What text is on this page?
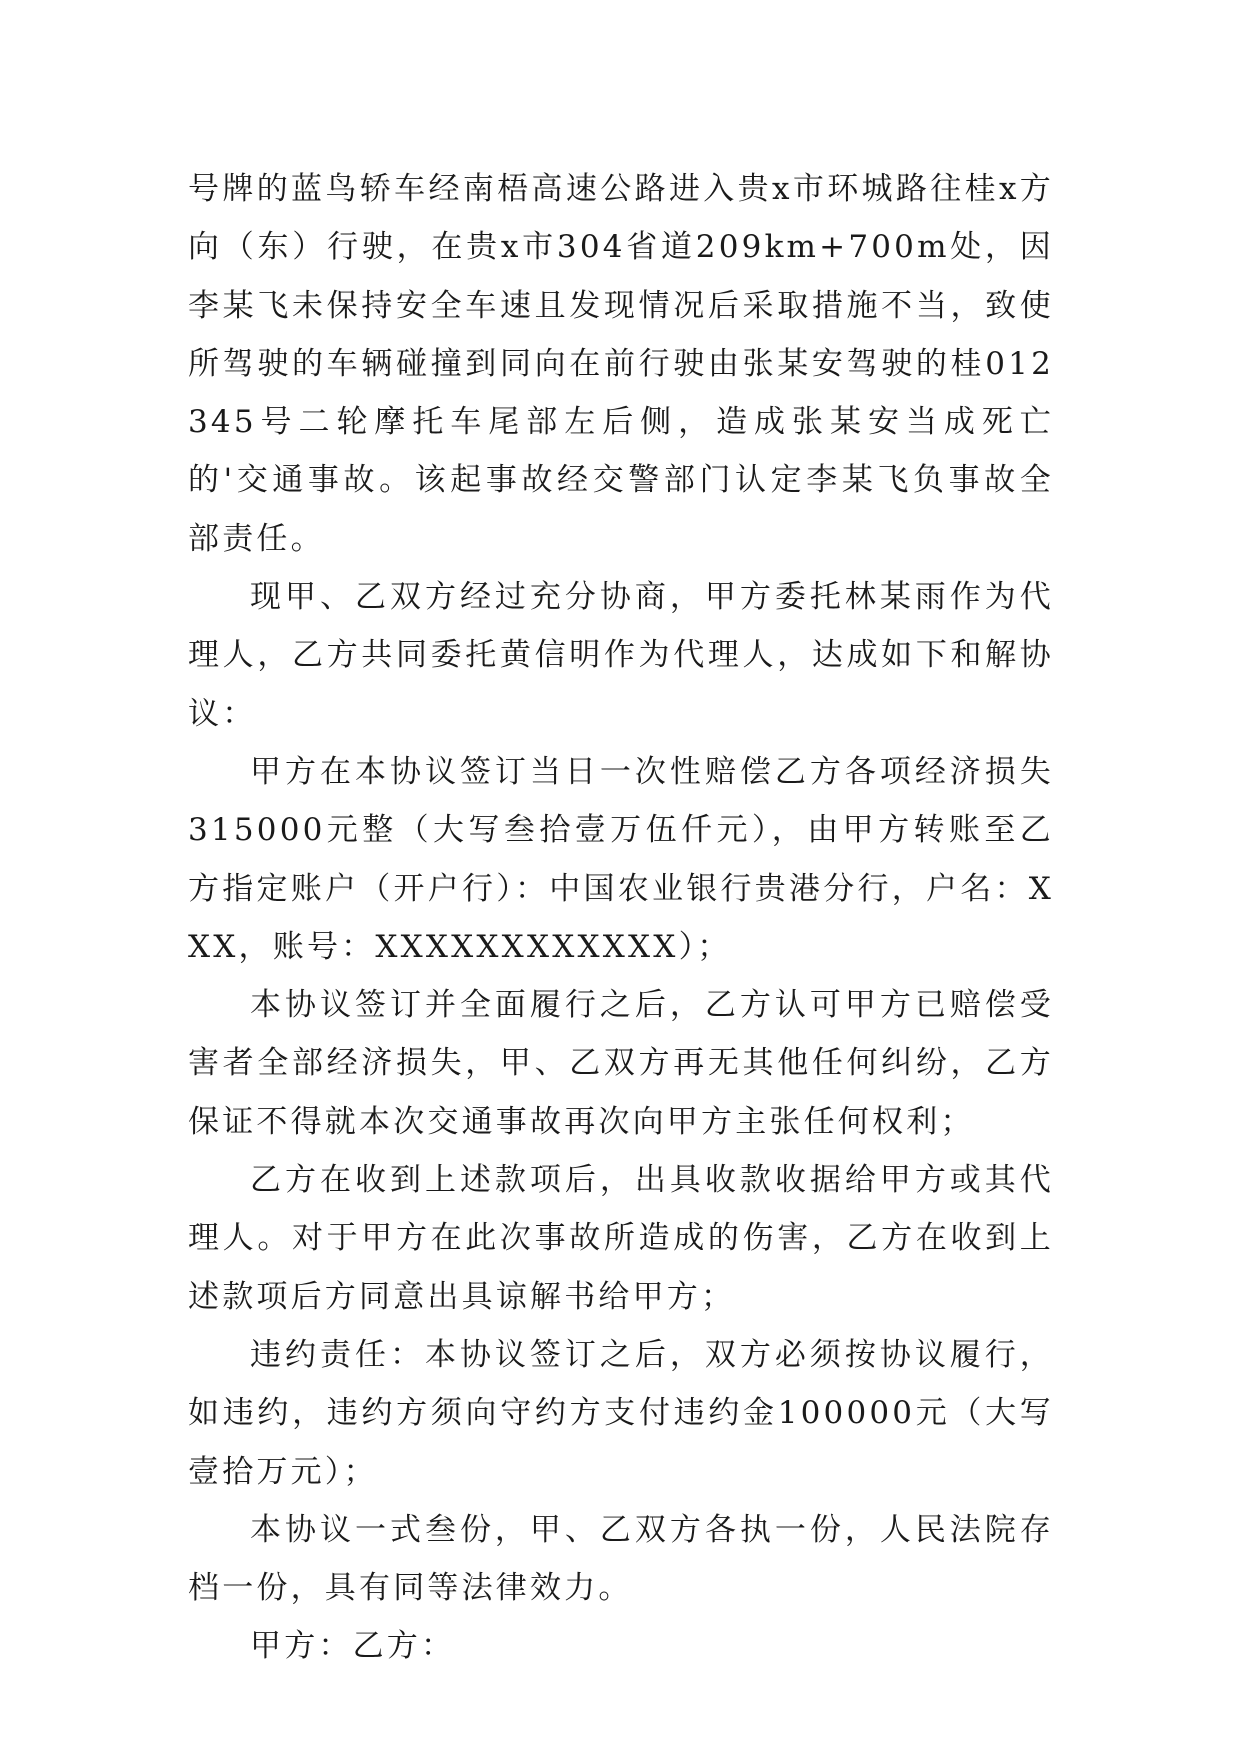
号牌的蓝鸟轿车经南梧高速公路进入贵x市环城路往桂x方向（东）行驶，在贵x市304省道209km+700m处，因李某飞未保持安全车速且发现情况后采取措施不当，致使所驾驶的车辆碰撞到同向在前行驶由张某安驾驶的桂012345号二轮摩托车尾部左后侧，造成张某安当成死亡的'交通事故。该起事故经交警部门认定李某飞负事故全部责任。

现甲、乙双方经过充分协商，甲方委托林某雨作为代理人，乙方共同委托黄信明作为代理人，达成如下和解协议：

甲方在本协议签订当日一次性赔偿乙方各项经济损失315000元整（大写叁拾壹万伍仟元），由甲方转账至乙方指定账户（开户行）：中国农业银行贵港分行，户名：XXX，账号：XXXXXXXXXXXX）；

本协议签订并全面履行之后，乙方认可甲方已赔偿受害者全部经济损失，甲、乙双方再无其他任何纠纷，乙方保证不得就本次交通事故再次向甲方主张任何权利；

乙方在收到上述款项后，出具收款收据给甲方或其代理人。对于甲方在此次事故所造成的伤害，乙方在收到上述款项后方同意出具谅解书给甲方；

违约责任：本协议签订之后，双方必须按协议履行，如违约，违约方须向守约方支付违约金100000元（大写壹拾万元）；

本协议一式叁份，甲、乙双方各执一份，人民法院存档一份，具有同等法律效力。

甲方：乙方：
